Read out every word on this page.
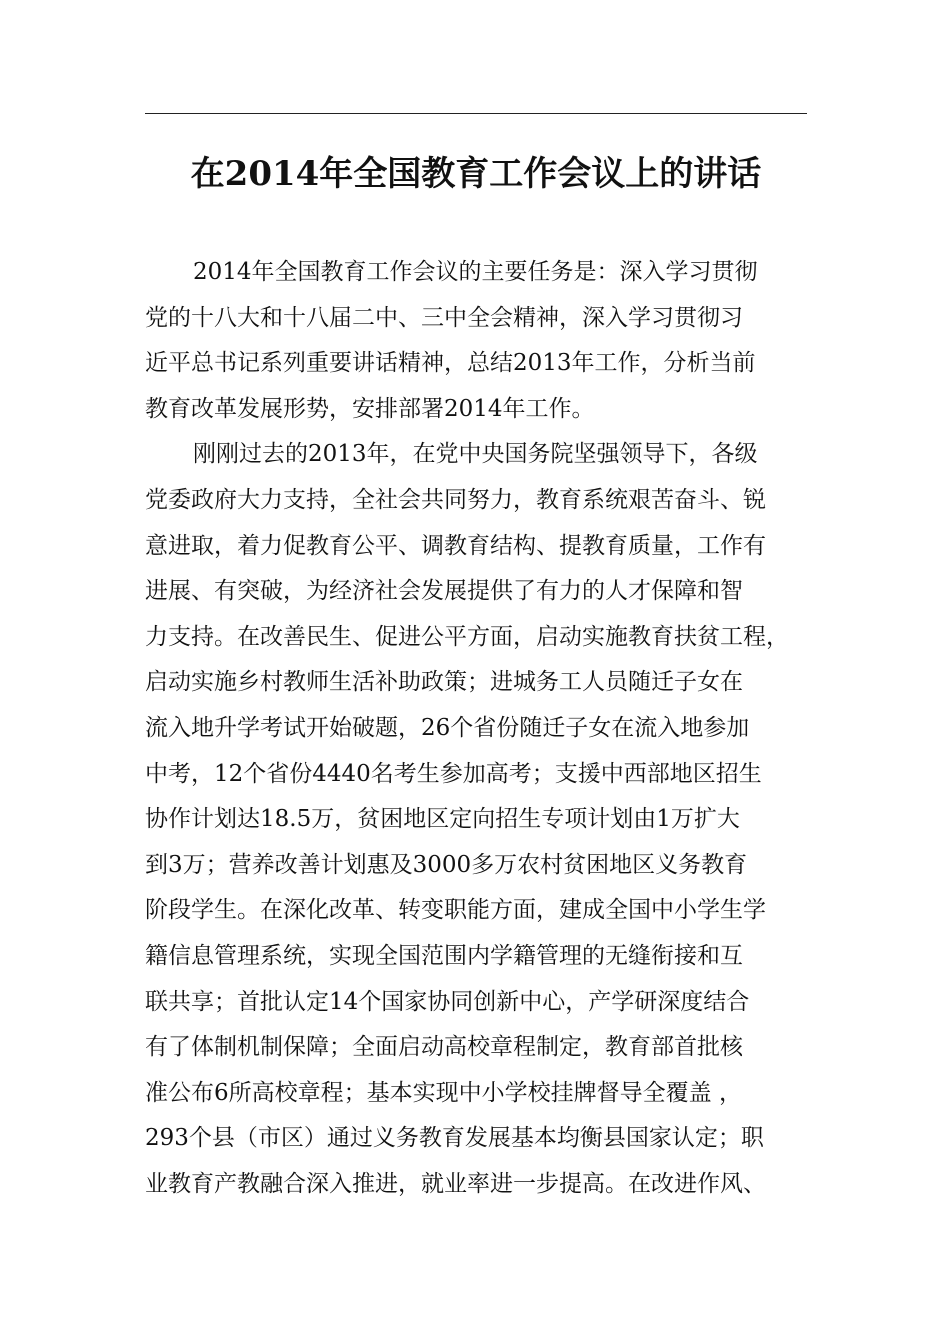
在2014年全国教育工作会议上的讲话
2014年全国教育工作会议的主要任务是：深入学习贯彻
党的十八大和十八届二中、三中全会精神，深入学习贯彻习
近平总书记系列重要讲话精神，总结2013年工作，分析当前
教育改革发展形势，安排部署2014年工作。
刚刚过去的2013年，在党中央国务院坚强领导下，各级
党委政府大力支持，全社会共同努力，教育系统艰苦奋斗、锐
意进取，着力促教育公平、调教育结构、提教育质量，工作有
进展、有突破，为经济社会发展提供了有力的人才保障和智
力支持。在改善民生、促进公平方面，启动实施教育扶贫工程，
启动实施乡村教师生活补助政策；进城务工人员随迁子女在
流入地升学考试开始破题，26个省份随迁子女在流入地参加
中考，12个省份4440名考生参加高考；支援中西部地区招生
协作计划达18.5万，贫困地区定向招生专项计划由1万扩大
到3万；营养改善计划惠及3000多万农村贫困地区义务教育
阶段学生。在深化改革、转变职能方面，建成全国中小学生学
籍信息管理系统，实现全国范围内学籍管理的无缝衔接和互
联共享；首批认定14个国家协同创新中心，产学研深度结合
有了体制机制保障；全面启动高校章程制定，教育部首批核
准公布6所高校章程；基本实现中小学校挂牌督导全覆盖 ，
293个县（市区）通过义务教育发展基本均衡县国家认定；职
业教育产教融合深入推进，就业率进一步提高。在改进作风、
